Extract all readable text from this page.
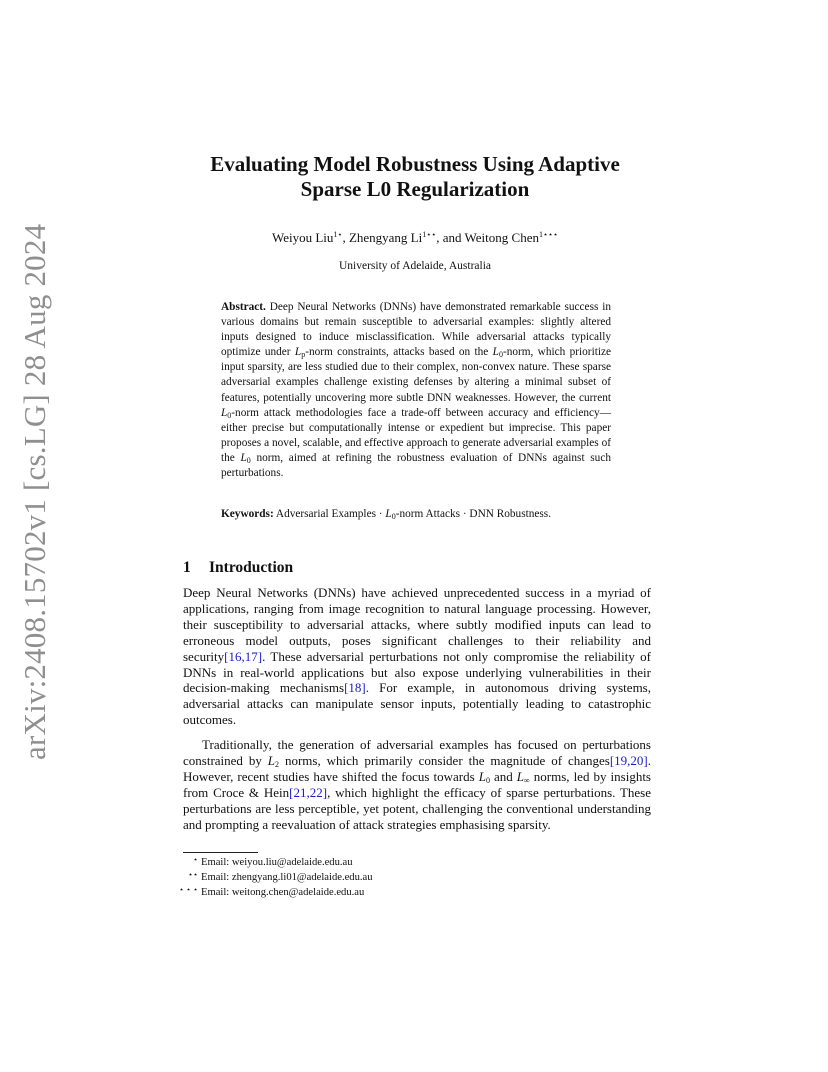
arXiv:2408.15702v1 [cs.LG] 28 Aug 2024
Evaluating Model Robustness Using Adaptive
Sparse L0 Regularization
Weiyou Liu$^{1⋆}$, Zhengyang $Li^{1⋆⋆}$, and Weitong Chen$^{1⋆⋆⋆}$
University of Adelaide, Australia

Abstract. Deep Neural Networks (DNNs) have demonstrated remarkable success in various domains but remain susceptible to adversarial examples: slightly altered inputs designed to induce misclassification. While adversarial attacks typically optimize under $L_p$-norm constraints, attacks based on the $L_0$-norm, which prioritize input sparsity, are less studied due to their complex, non-convex nature. These sparse adversarial examples challenge existing defenses by altering a minimal subset of features, potentially uncovering more subtle DNN weaknesses. However, the current $L_0$-norm attack methodologies face a trade-off between accuracy and efficiency—either precise but computationally intense or expedient but imprecise. This paper proposes a novel, scalable, and effective approach to generate adversarial examples of the $L_0$ norm, aimed at refining the robustness evaluation of DNNs against such perturbations.

Keywords: Adversarial Examples · $L_0$-norm Attacks · DNN Robustness.

1 Introduction

Deep Neural Networks (DNNs) have achieved unprecedented success in a myriad of applications, ranging from image recognition to natural language processing. However, their susceptibility to adversarial attacks, where subtly modified inputs can lead to erroneous model outputs, poses significant challenges to their reliability and security[16,17]. These adversarial perturbations not only compromise the reliability of DNNs in real-world applications but also expose underlying vulnerabilities in their decision-making mechanisms[18]. For example, in autonomous driving systems, adversarial attacks can manipulate sensor inputs, potentially leading to catastrophic outcomes.

Traditionally, the generation of adversarial examples has focused on perturbations constrained by $L_2$ norms, which primarily consider the magnitude of changes[19,20]. However, recent studies have shifted the focus towards $L_0$ and $L_\infty$ norms, led by insights from Croce & Hein[21,22], which highlight the efficacy of sparse perturbations. These perturbations are less perceptible, yet potent, challenging the conventional understanding and prompting a reevaluation of attack strategies emphasising sparsity.

⋆ Email: weiyou.liu@adelaide.edu.au
⋆⋆ Email: zhengyang.li01@adelaide.edu.au
⋆ ⋆ ⋆ Email: weitong.chen@adelaide.edu.au
